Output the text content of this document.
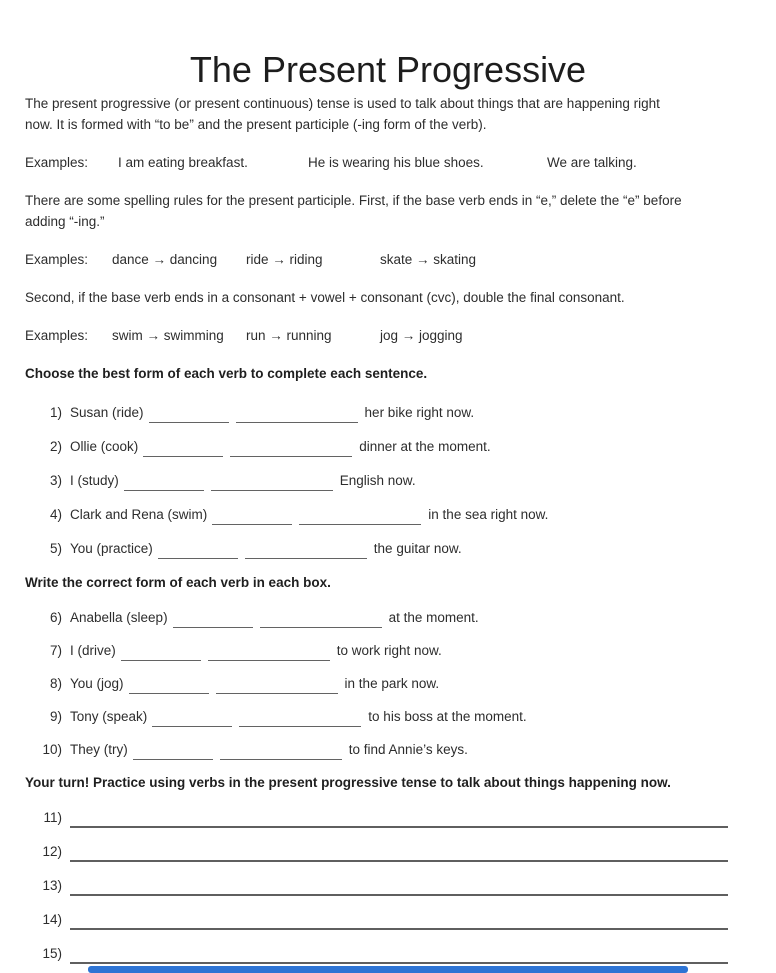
The Present Progressive
The present progressive (or present continuous) tense is used to talk about things that are happening right
now. It is formed with “to be” and the present participle (-ing form of the verb).
Examples: I am eating breakfast.	He is wearing his blue shoes.	We are talking.
There are some spelling rules for the present participle. First, if the base verb ends in “e,” delete the “e” before
adding “-ing.”
Examples: dance → dancing ride → riding	skate → skating
Second, if the base verb ends in a consonant + vowel + consonant (cvc), double the final consonant.
Examples: swim → swimming run → running	jog → jogging
Choose the best form of each verb to complete each sentence.
1) Susan (ride)	her bike right now.
2) Ollie (cook)	dinner at the moment.
3) I (study)	English now.
4) Clark and Rena (swim)	in the sea right now.
5) You (practice)	the guitar now.
Write the correct form of each verb in each box.
6) Anabella (sleep)	at the moment.
7) I (drive)	to work right now.
8) You (jog)	in the park now.
9) Tony (speak)	to his boss at the moment.
10) They (try)	to find Annie’s keys.
Your turn! Practice using verbs in the present progressive tense to talk about things happening now.
11)
12)
13)
14)
15)
